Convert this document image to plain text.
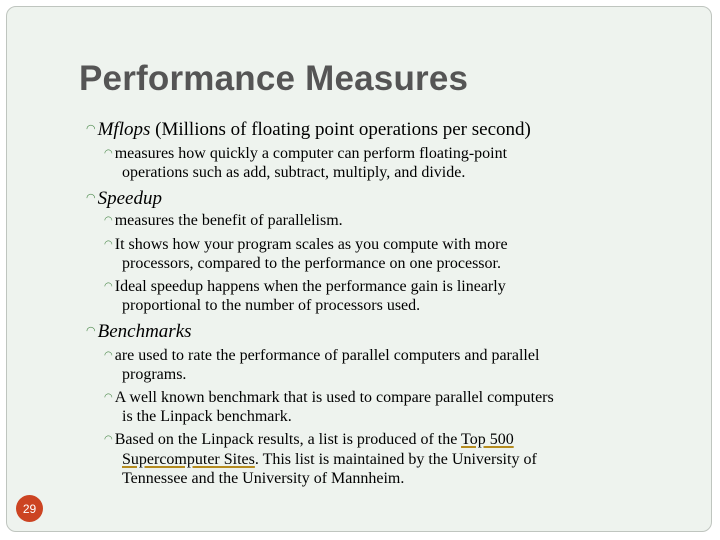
Performance Measures
◠ Mflops (Millions of floating point operations per second)
◠ measures how quickly a computer can perform floating-point
operations such as add, subtract, multiply, and divide.
◠ Speedup
◠ measures the benefit of parallelism.
◠ It shows how your program scales as you compute with more
processors, compared to the performance on one processor.
◠ Ideal speedup happens when the performance gain is linearly
proportional to the number of processors used.
◠ Benchmarks
◠ are used to rate the performance of parallel computers and parallel
programs.
◠ A well known benchmark that is used to compare parallel computers
is the Linpack benchmark.
◠ Based on the Linpack results, a list is produced of the Top 500
Supercomputer Sites. This list is maintained by the University of
Tennessee and the University of Mannheim.
29
